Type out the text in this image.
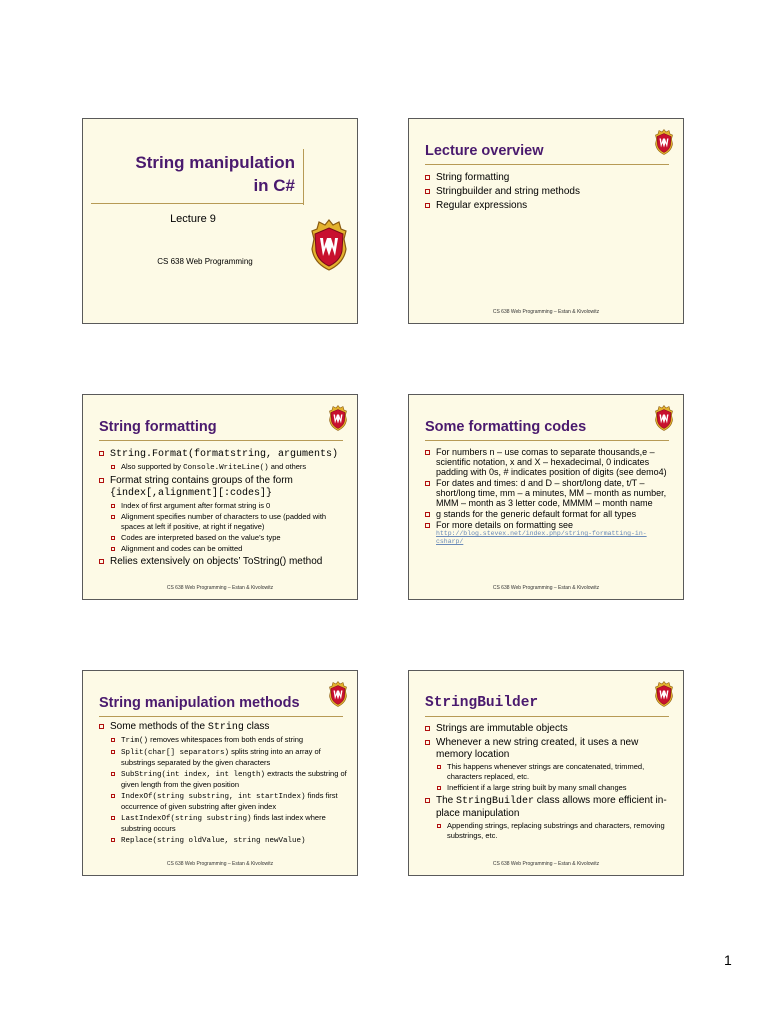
String manipulation
in C#
Lecture 9
CS 638 Web Programming
Lecture overview
String formatting
Stringbuilder and string methods
Regular expressions
CS 638 Web Programming – Estan & Kivolowitz
String formatting
String.Format(formatstring, arguments)
Also supported by Console.WriteLine() and others
Format string contains groups of the form
{index[,alignment][:codes]}
Index of first argument after format string is 0
Alignment specifies number of characters to use (padded with spaces at left if positive, at right if negative)
Codes are interpreted based on the value’s type
Alignment and codes can be omitted
Relies extensively on objects’ ToString() method
CS 638 Web Programming – Estan & Kivolowitz
Some formatting codes
For numbers n – use comas to separate thousands,e – scientific notation, x and X – hexadecimal, 0 indicates padding with 0s, # indicates position of digits (see demo4)
For dates and times: d and D – short/long date, t/T – short/long time, mm – a minutes, MM – month as number, MMM – month as 3 letter code, MMMM – month name
g stands for the generic default format for all types
For more details on formatting see
http://blog.stevex.net/index.php/string-formatting-in-csharp/
CS 638 Web Programming – Estan & Kivolowitz
String manipulation methods
Some methods of the String class
Trim() removes whitespaces from both ends of string
Split(char[] separators) splits string into an array of substrings separated by the given characters
SubString(int index, int length) extracts the substring of given length from the given position
IndexOf(string substring, int startIndex) finds first occurrence of given substring after given index
LastIndexOf(string substring) finds last index where substring occurs
Replace(string oldValue, string newValue)
CS 638 Web Programming – Estan & Kivolowitz
StringBuilder
Strings are immutable objects
Whenever a new string created, it uses a new memory location
This happens whenever strings are concatenated, trimmed, characters replaced, etc.
Inefficient if a large string built by many small changes
The StringBuilder class allows more efficient in-place manipulation
Appending strings, replacing substrings and characters, removing substrings, etc.
CS 638 Web Programming – Estan & Kivolowitz
1
